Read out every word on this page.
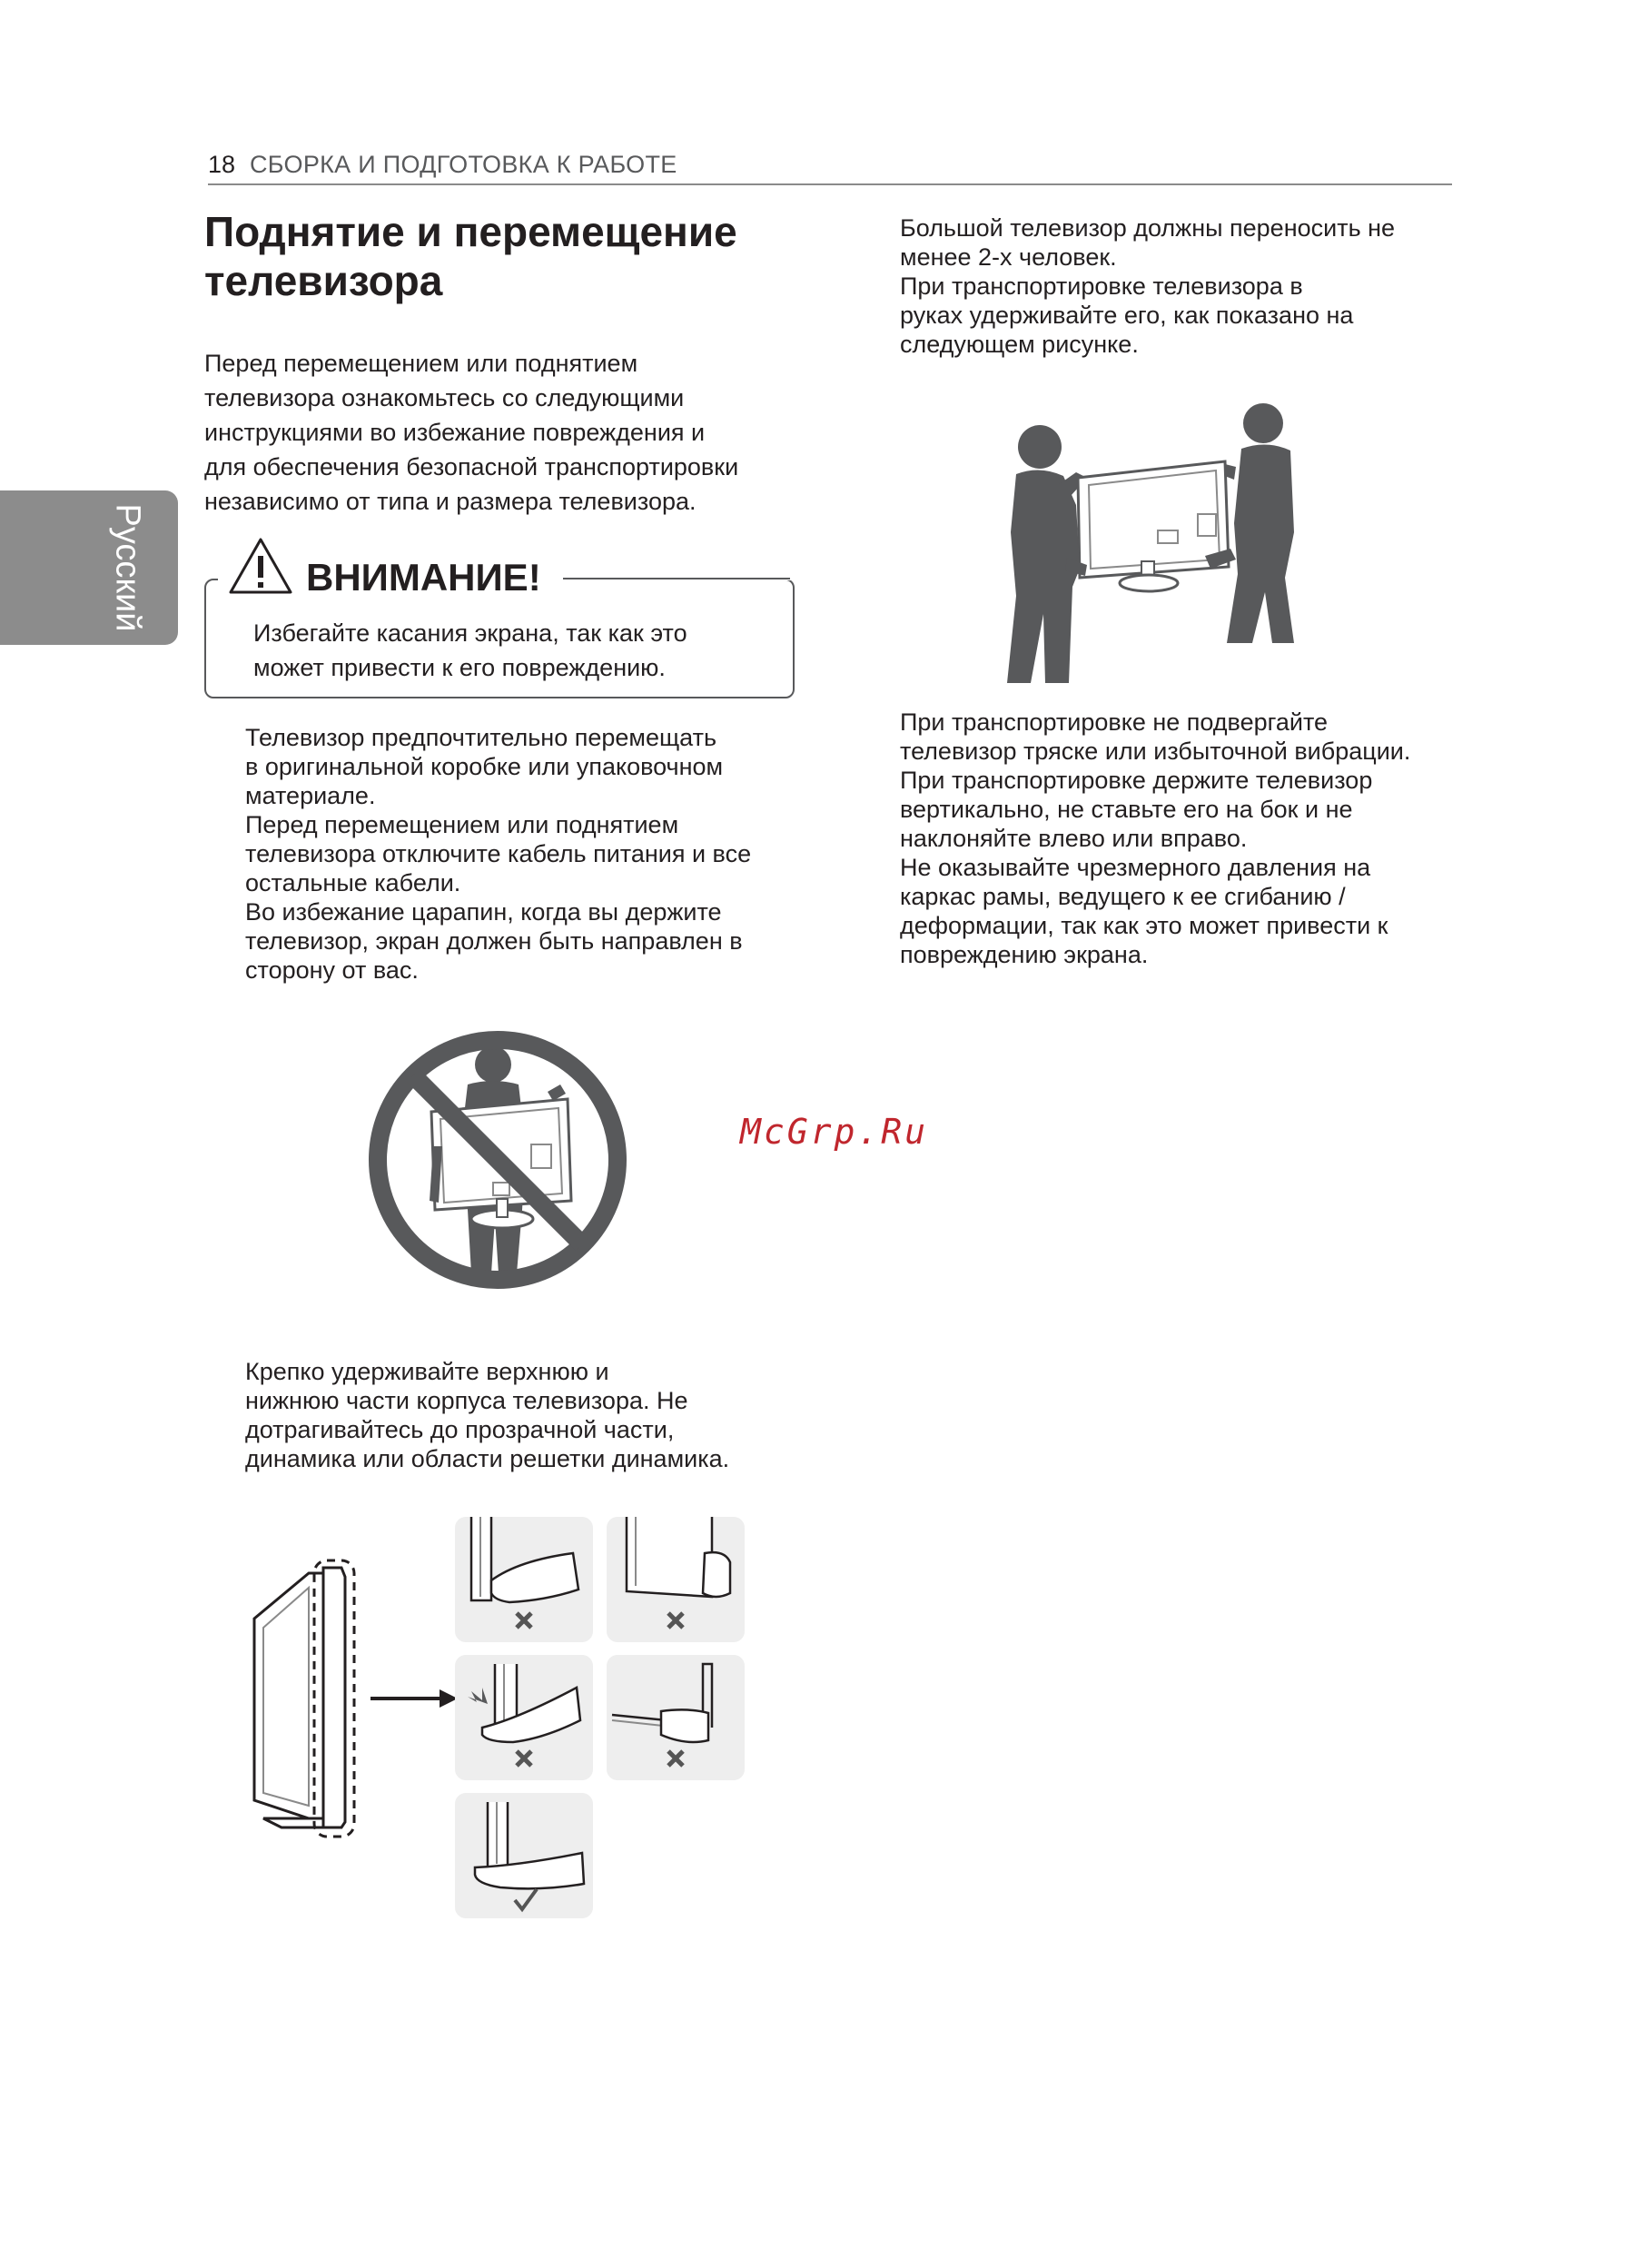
18 СБОРКА И ПОДГОТОВКА К РАБОТЕ
Русский
Поднятие и перемещение
телевизора
Перед перемещением или поднятием
телевизора ознакомьтесь со следующими
инструкциями во избежание повреждения и
для обеспечения безопасной транспортировки
независимо от типа и размера телевизора.
ВНИМАНИЕ!
Избегайте касания экрана, так как это
может привести к его повреждению.
Телевизор предпочтительно перемещать
в оригинальной коробке или упаковочном
материале.
Перед перемещением или поднятием
телевизора отключите кабель питания и все
остальные кабели.
Во избежание царапин, когда вы держите
телевизор, экран должен быть направлен в
сторону от вас.
Крепко удерживайте верхнюю и
нижнюю части корпуса телевизора. Не
дотрагивайтесь до прозрачной части,
динамика или области решетки динамика.
Большой телевизор должны переносить не
менее 2-х человек.
При транспортировке телевизора в
руках удерживайте его, как показано на
следующем рисунке.
При транспортировке не подвергайте
телевизор тряске или избыточной вибрации.
При транспортировке держите телевизор
вертикально, не ставьте его на бок и не
наклоняйте влево или вправо.
Не оказывайте чрезмерного давления на
каркас рамы, ведущего к ее сгибанию /
деформации, так как это может привести к
повреждению экрана.
McGrp.Ru
